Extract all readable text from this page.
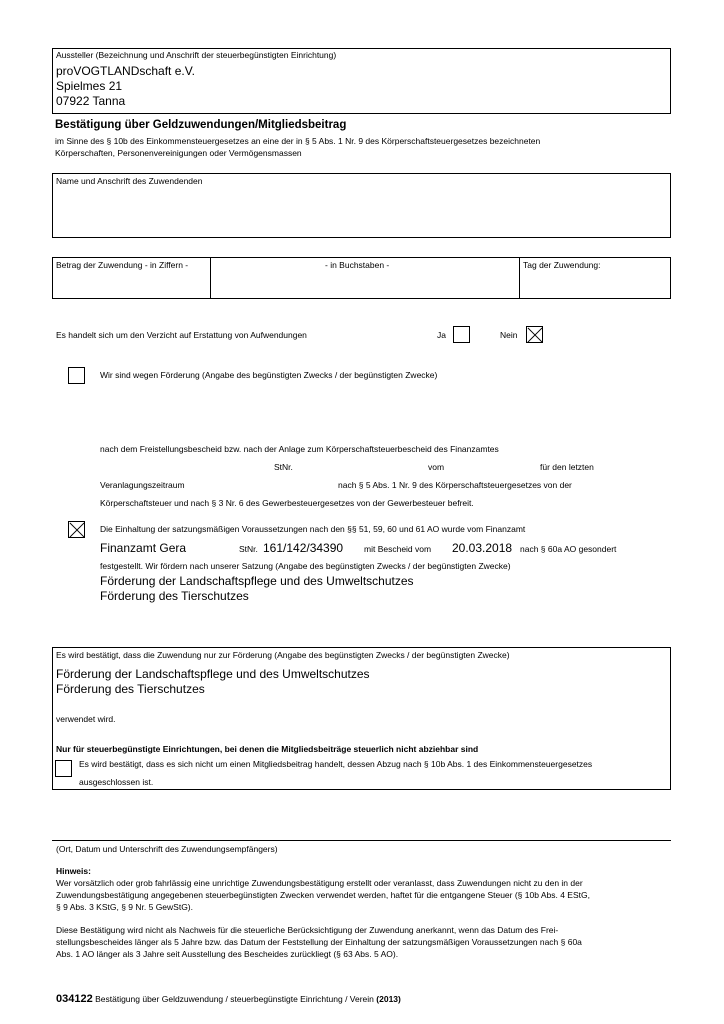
Aussteller (Bezeichnung und Anschrift der steuerbegünstigten Einrichtung)
proVOGTLANDschaft e.V.
Spielmes 21
07922 Tanna
Bestätigung über Geldzuwendungen/Mitgliedsbeitrag
im Sinne des § 10b des Einkommensteuergesetzes an eine der in § 5 Abs. 1 Nr. 9 des Körperschaftsteuergesetzes bezeichneten
Körperschaften, Personenvereinigungen oder Vermögensmassen
Name und Anschrift des Zuwendenden
Betrag der Zuwendung - in Ziffern -	- in Buchstaben -	Tag der Zuwendung:
Es handelt sich um den Verzicht auf Erstattung von Aufwendungen	Ja	Nein
Wir sind wegen Förderung (Angabe des begünstigten Zwecks / der begünstigten Zwecke)
nach dem Freistellungsbescheid bzw. nach der Anlage zum Körperschaftsteuerbescheid des Finanzamtes
StNr.	vom	für den letzten
Veranlagungszeitraum	nach § 5 Abs. 1 Nr. 9 des Körperschaftsteuergesetzes von der
Körperschaftsteuer und nach § 3 Nr. 6 des Gewerbesteuergesetzes von der Gewerbesteuer befreit.
Die Einhaltung der satzungsmäßigen Voraussetzungen nach den §§ 51, 59, 60 und 61 AO wurde vom Finanzamt
Finanzamt Gera	StNr. 161/142/34390 mit Bescheid vom 20.03.2018 nach § 60a AO gesondert
festgestellt. Wir fördern nach unserer Satzung (Angabe des begünstigten Zwecks / der begünstigten Zwecke)
Förderung der Landschaftspflege und des Umweltschutzes
Förderung des Tierschutzes
Es wird bestätigt, dass die Zuwendung nur zur Förderung (Angabe des begünstigten Zwecks / der begünstigten Zwecke)
Förderung der Landschaftspflege und des Umweltschutzes
Förderung des Tierschutzes
verwendet wird.
Nur für steuerbegünstigte Einrichtungen, bei denen die Mitgliedsbeiträge steuerlich nicht abziehbar sind
Es wird bestätigt, dass es sich nicht um einen Mitgliedsbeitrag handelt, dessen Abzug nach § 10b Abs. 1 des Einkommensteuergesetzes
ausgeschlossen ist.
(Ort, Datum und Unterschrift des Zuwendungsempfängers)
Hinweis:
Wer vorsätzlich oder grob fahrlässig eine unrichtige Zuwendungsbestätigung erstellt oder veranlasst, dass Zuwendungen nicht zu den in der
Zuwendungsbestätigung angegebenen steuerbegünstigten Zwecken verwendet werden, haftet für die entgangene Steuer (§ 10b Abs. 4 EStG,
§ 9 Abs. 3 KStG, § 9 Nr. 5 GewStG).
Diese Bestätigung wird nicht als Nachweis für die steuerliche Berücksichtigung der Zuwendung anerkannt, wenn das Datum des Frei-
stellungsbescheides länger als 5 Jahre bzw. das Datum der Feststellung der Einhaltung der satzungsmäßigen Voraussetzungen nach § 60a
Abs. 1 AO länger als 3 Jahre seit Ausstellung des Bescheides zurückliegt (§ 63 Abs. 5 AO).
034122 Bestätigung über Geldzuwendung / steuerbegünstigte Einrichtung / Verein (2013)
